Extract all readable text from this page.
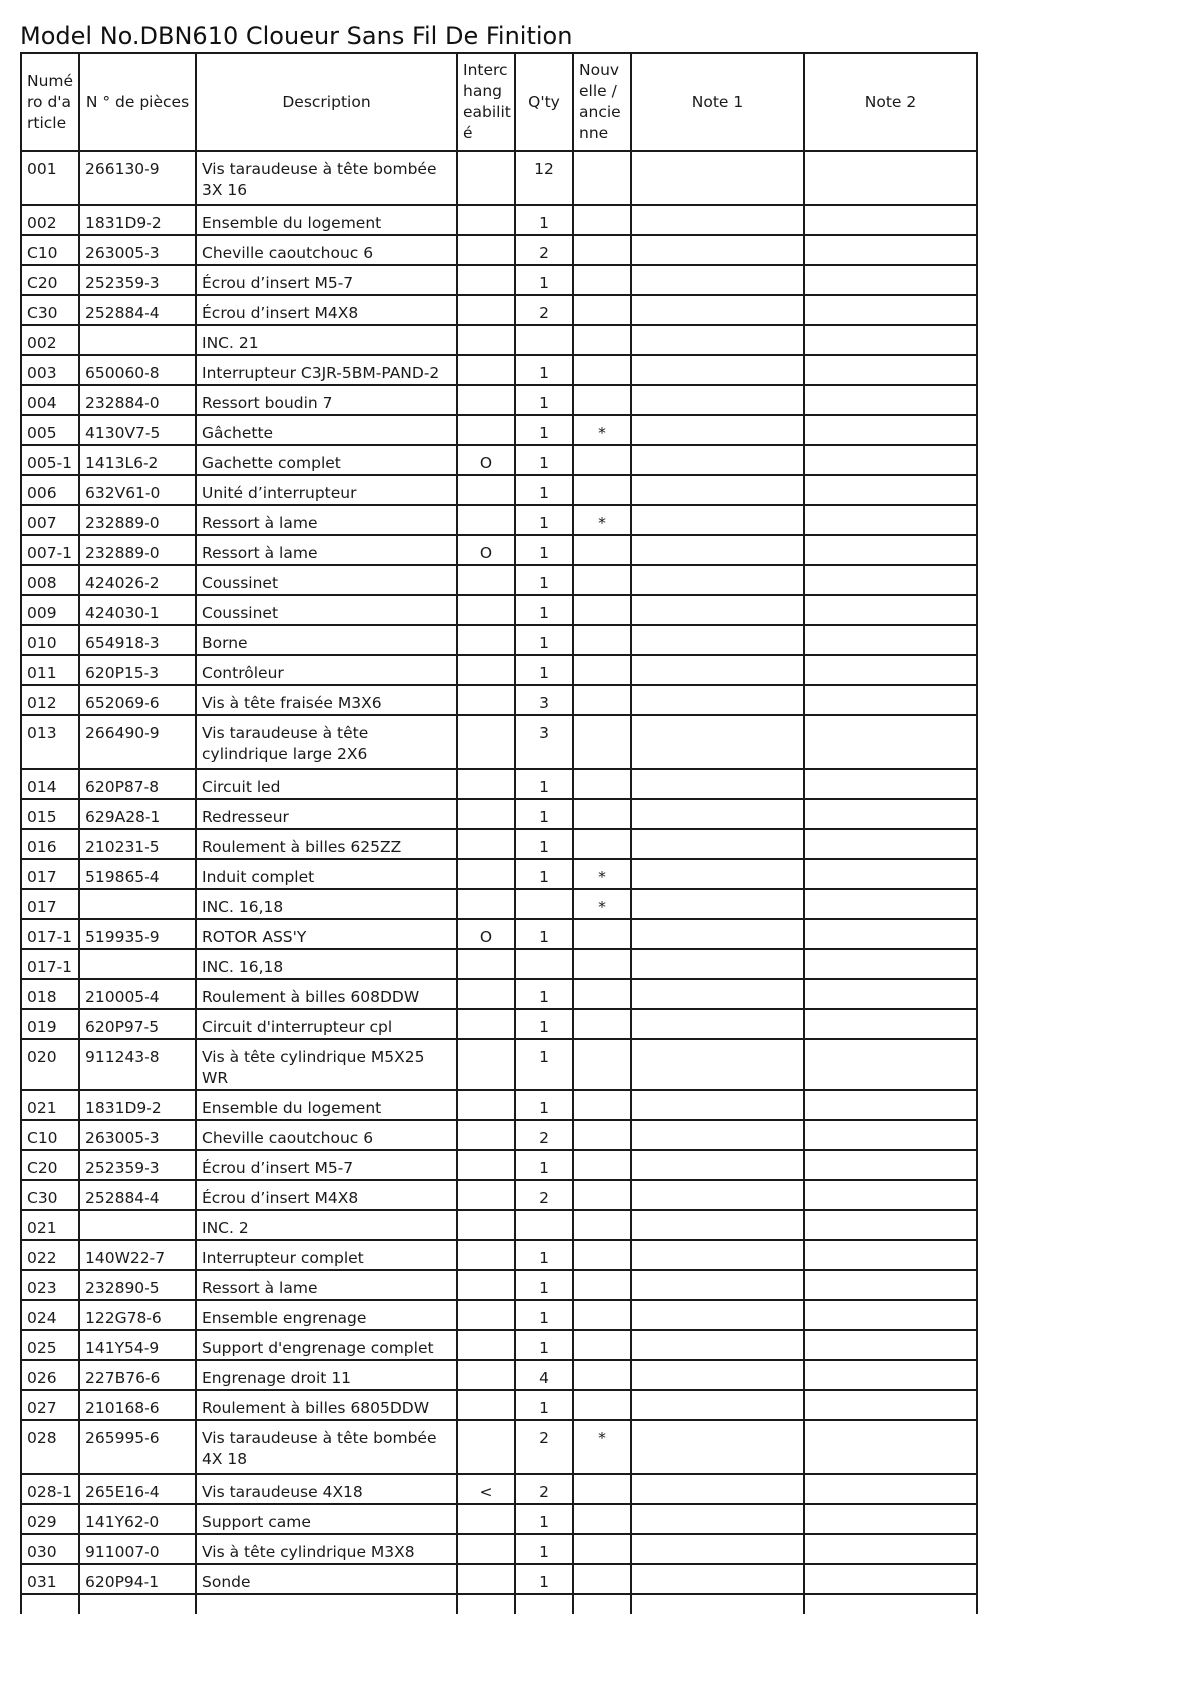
Model No.DBN610 Cloueur Sans Fil De Finition
Numé ro d'a rticle	N ° de pièces	Description	Interc hang eabilit é	Q'ty	Nouv elle / ancie nne	Note 1	Note 2
001	266130-9	Vis taraudeuse à tête bombée 3X 16		12			
002	1831D9-2	Ensemble du logement		1			
C10	263005-3	Cheville caoutchouc 6		2			
C20	252359-3	Écrou d’insert M5-7		1			
C30	252884-4	Écrou d’insert M4X8		2			
002		INC. 21					
003	650060-8	Interrupteur C3JR-5BM-PAND-2		1			
004	232884-0	Ressort boudin 7		1			
005	4130V7-5	Gâchette		1	*		
005-1	1413L6-2	Gachette complet	O	1			
006	632V61-0	Unité d’interrupteur		1			
007	232889-0	Ressort à lame		1	*		
007-1	232889-0	Ressort à lame	O	1			
008	424026-2	Coussinet		1			
009	424030-1	Coussinet		1			
010	654918-3	Borne		1			
011	620P15-3	Contrôleur		1			
012	652069-6	Vis à tête fraisée M3X6		3			
013	266490-9	Vis taraudeuse à tête cylindrique large 2X6		3			
014	620P87-8	Circuit led		1			
015	629A28-1	Redresseur		1			
016	210231-5	Roulement à billes 625ZZ		1			
017	519865-4	Induit complet		1	*		
017		INC. 16,18			*		
017-1	519935-9	ROTOR ASS'Y	O	1			
017-1		INC. 16,18					
018	210005-4	Roulement à billes 608DDW		1			
019	620P97-5	Circuit d'interrupteur cpl		1			
020	911243-8	Vis à tête cylindrique M5X25 WR		1			
021	1831D9-2	Ensemble du logement		1			
C10	263005-3	Cheville caoutchouc 6		2			
C20	252359-3	Écrou d’insert M5-7		1			
C30	252884-4	Écrou d’insert M4X8		2			
021		INC. 2					
022	140W22-7	Interrupteur complet		1			
023	232890-5	Ressort à lame		1			
024	122G78-6	Ensemble engrenage		1			
025	141Y54-9	Support d'engrenage complet		1			
026	227B76-6	Engrenage droit 11		4			
027	210168-6	Roulement à billes 6805DDW		1			
028	265995-6	Vis taraudeuse à tête bombée 4X 18		2	*		
028-1	265E16-4	Vis taraudeuse 4X18	<	2			
029	141Y62-0	Support came		1			
030	911007-0	Vis à tête cylindrique M3X8		1			
031	620P94-1	Sonde		1			
